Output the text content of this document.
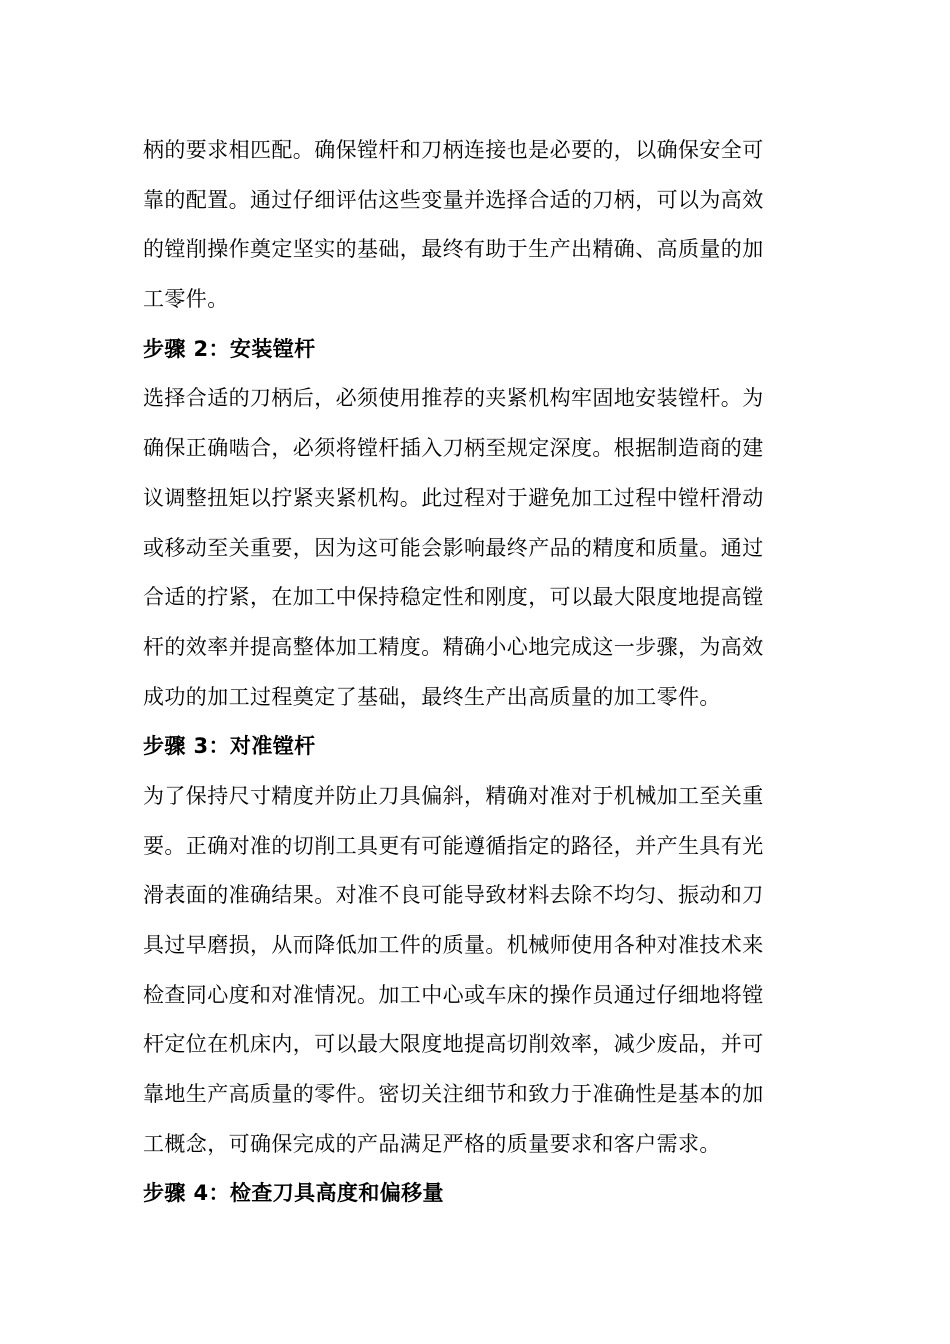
柄的要求相匹配。确保镗杆和刀柄连接也是必要的，以确保安全可
靠的配置。通过仔细评估这些变量并选择合适的刀柄，可以为高效
的镗削操作奠定坚实的基础，最终有助于生产出精确、高质量的加
工零件。
步骤 2：安装镗杆
选择合适的刀柄后，必须使用推荐的夹紧机构牢固地安装镗杆。为
确保正确啮合，必须将镗杆插入刀柄至规定深度。根据制造商的建
议调整扭矩以拧紧夹紧机构。此过程对于避免加工过程中镗杆滑动
或移动至关重要，因为这可能会影响最终产品的精度和质量。通过
合适的拧紧，在加工中保持稳定性和刚度，可以最大限度地提高镗
杆的效率并提高整体加工精度。精确小心地完成这一步骤，为高效
成功的加工过程奠定了基础，最终生产出高质量的加工零件。
步骤 3：对准镗杆
为了保持尺寸精度并防止刀具偏斜，精确对准对于机械加工至关重
要。正确对准的切削工具更有可能遵循指定的路径，并产生具有光
滑表面的准确结果。对准不良可能导致材料去除不均匀、振动和刀
具过早磨损，从而降低加工件的质量。机械师使用各种对准技术来
检查同心度和对准情况。加工中心或车床的操作员通过仔细地将镗
杆定位在机床内，可以最大限度地提高切削效率，减少废品，并可
靠地生产高质量的零件。密切关注细节和致力于准确性是基本的加
工概念，可确保完成的产品满足严格的质量要求和客户需求。
步骤 4：检查刀具高度和偏移量
